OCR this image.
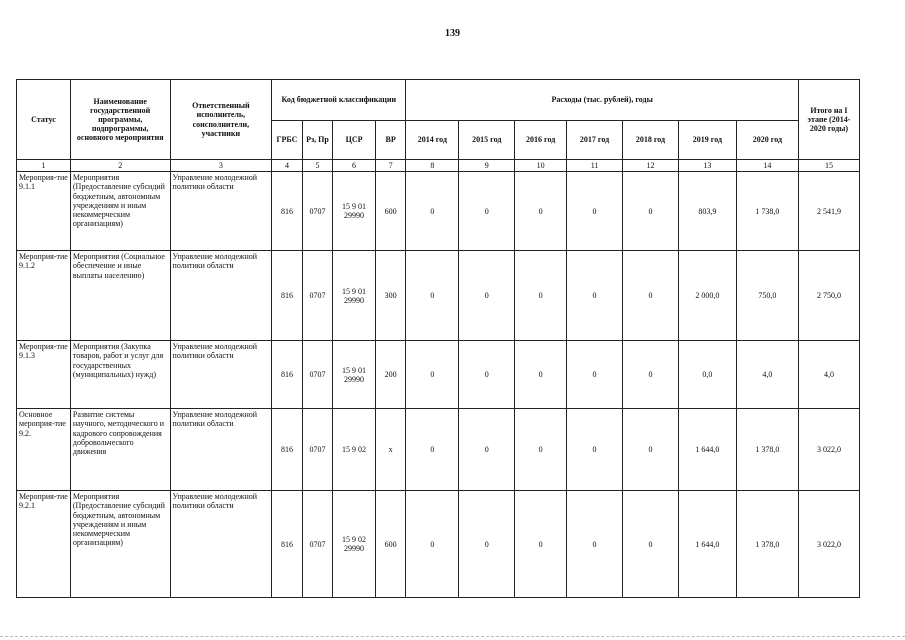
139
Статус	Наименование государственной программы, подпрограммы, основного мероприятия	Ответственный исполнитель, соисполнители, участники	Код бюджетной классификации				Расходы (тыс. рублей), годы							Итого на I этапе (2014-2020 годы)
			ГРБС	Рз, Пр	ЦСР	ВР	2014 год	2015 год	2016 год	2017 год	2018 год	2019 год	2020 год	
1	2	3	4	5	6	7	8	9	10	11	12	13	14	15
Мероприя-тие 9.1.1	Мероприятия (Предоставление субсидий бюджетным, автономным учреждениям и иным некоммерческим организациям)	Управление молодежной политики области	816	0707	15 9 01 29990	600	0	0	0	0	0	803,9	1 738,0	2 541,9
Мероприя-тие 9.1.2	Мероприятия (Социальное обеспечение и иные выплаты населению)	Управление молодежной политики области	816	0707	15 9 01 29990	300	0	0	0	0	0	2 000,0	750,0	2 750,0
Мероприя-тие 9.1.3	Мероприятия (Закупка товаров, работ и услуг для государственных (муниципальных) нужд)	Управление молодежной политики области	816	0707	15 9 01 29990	200	0	0	0	0	0	0,0	4,0	4,0
Основное мероприя-тие 9.2.	Развитие системы научного, методического и кадрового сопровождения добровольческого движения	Управление молодежной политики области	816	0707	15 9 02	х	0	0	0	0	0	1 644,0	1 378,0	3 022,0
Мероприя-тие 9.2.1	Мероприятия (Предоставление субсидий бюджетным, автономным учреждениям и иным некоммерческим организациям)	Управление молодежной политики области	816	0707	15 9 02 29990	600	0	0	0	0	0	1 644,0	1 378,0	3 022,0
